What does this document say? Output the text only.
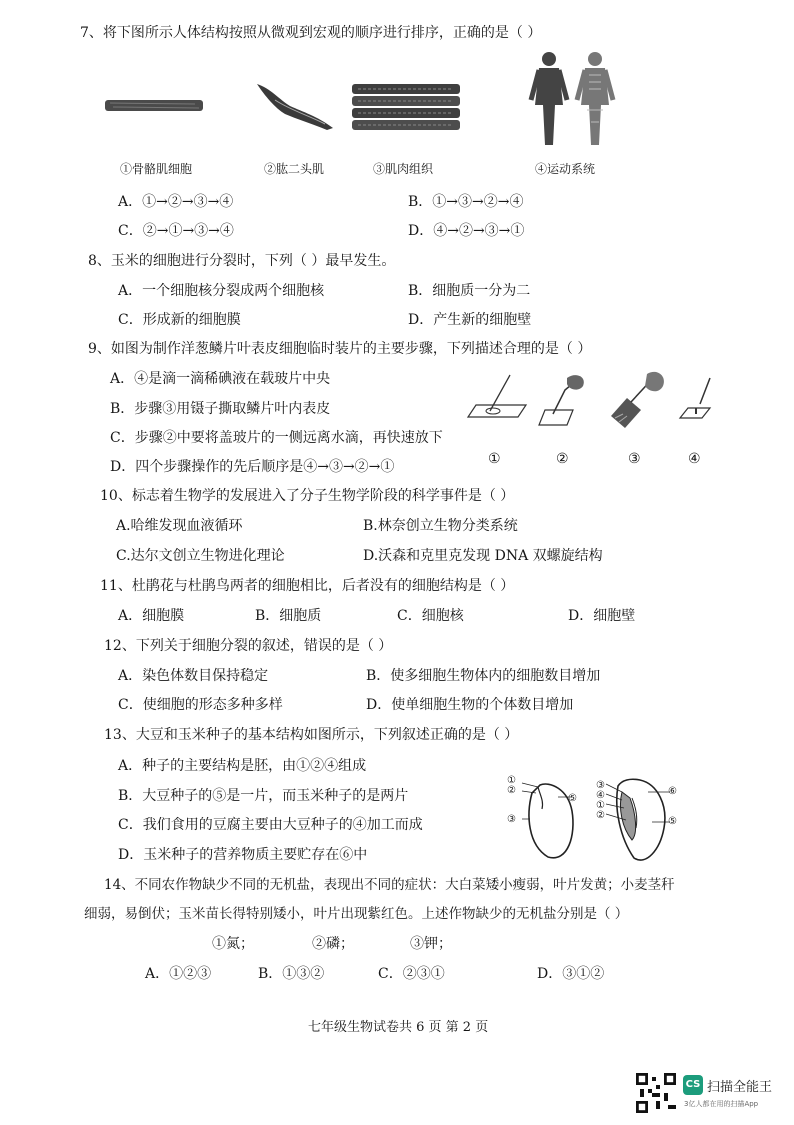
7、将下图所示人体结构按照从微观到宏观的顺序进行排序，正确的是（ ）
①骨骼肌细胞	②肱二头肌	③肌肉组织	④运动系统
A．①→②→③→④	B．①→③→②→④
C．②→①→③→④	D．④→②→③→①
8、玉米的细胞进行分裂时，下列（ ）最早发生。
A．一个细胞核分裂成两个细胞核	B．细胞质一分为二
C．形成新的细胞膜	D．产生新的细胞壁
9、如图为制作洋葱鳞片叶表皮细胞临时装片的主要步骤，下列描述合理的是（ ）
A．④是滴一滴稀碘液在载玻片中央
B．步骤③用镊子撕取鳞片叶内表皮
C．步骤②中要将盖玻片的一侧远离水滴，再快速放下
D．四个步骤操作的先后顺序是④→③→②→①	①	②	③	④
10、标志着生物学的发展进入了分子生物学阶段的科学事件是（ ）
A.哈维发现血液循环	B.林奈创立生物分类系统
C.达尔文创立生物进化理论	D.沃森和克里克发现 DNA 双螺旋结构
11、杜鹃花与杜鹃鸟两者的细胞相比，后者没有的细胞结构是（ ）
A．细胞膜	B．细胞质	C．细胞核	D．细胞壁
12、下列关于细胞分裂的叙述，错误的是（ ）
A．染色体数目保持稳定	B．使多细胞生物体内的细胞数目增加
C．使细胞的形态多种多样	D．使单细胞生物的个体数目增加
13、大豆和玉米种子的基本结构如图所示，下列叙述正确的是（ ）
A．种子的主要结构是胚，由①②④组成
B．大豆种子的⑤是一片，而玉米种子的是两片
C．我们食用的豆腐主要由大豆种子的④加工而成
D．玉米种子的营养物质主要贮存在⑥中
①
②
⑤
③
③
④
①
②
⑥
⑤
14、不同农作物缺少不同的无机盐，表现出不同的症状：大白菜矮小瘦弱，叶片发黄；小麦茎秆
细弱，易倒伏；玉米苗长得特别矮小，叶片出现紫红色。上述作物缺少的无机盐分别是（ ）
①氮；	②磷；	③钾；
A．①②③	B．①③②	C．②③①	D．③①②
七年级生物试卷共 6 页 第 2 页
CS 扫描全能王
3亿人都在用的扫描App
